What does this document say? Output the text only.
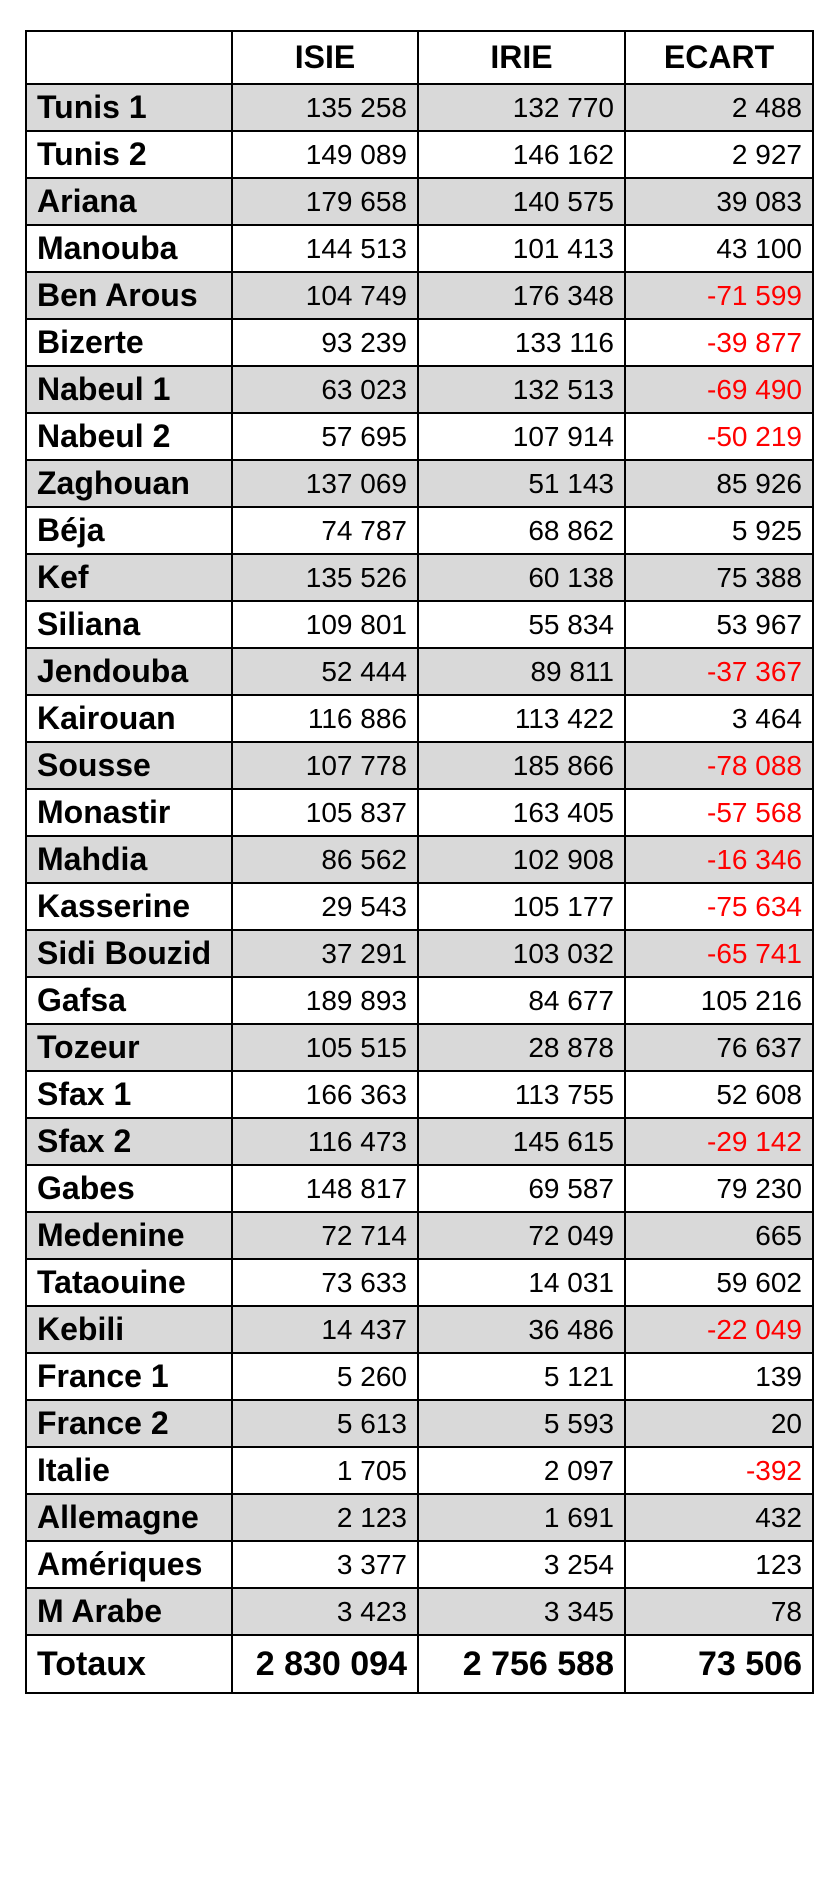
	ISIE	IRIE	ECART
Tunis 1	135 258	132 770	2 488
Tunis 2	149 089	146 162	2 927
Ariana	179 658	140 575	39 083
Manouba	144 513	101 413	43 100
Ben Arous	104 749	176 348	-71 599
Bizerte	93 239	133 116	-39 877
Nabeul 1	63 023	132 513	-69 490
Nabeul 2	57 695	107 914	-50 219
Zaghouan	137 069	51 143	85 926
Béja	74 787	68 862	5 925
Kef	135 526	60 138	75 388
Siliana	109 801	55 834	53 967
Jendouba	52 444	89 811	-37 367
Kairouan	116 886	113 422	3 464
Sousse	107 778	185 866	-78 088
Monastir	105 837	163 405	-57 568
Mahdia	86 562	102 908	-16 346
Kasserine	29 543	105 177	-75 634
Sidi Bouzid	37 291	103 032	-65 741
Gafsa	189 893	84 677	105 216
Tozeur	105 515	28 878	76 637
Sfax 1	166 363	113 755	52 608
Sfax 2	116 473	145 615	-29 142
Gabes	148 817	69 587	79 230
Medenine	72 714	72 049	665
Tataouine	73 633	14 031	59 602
Kebili	14 437	36 486	-22 049
France 1	5 260	5 121	139
France 2	5 613	5 593	20
Italie	1 705	2 097	-392
Allemagne	2 123	1 691	432
Amériques	3 377	3 254	123
M Arabe	3 423	3 345	78
Totaux	2 830 094	2 756 588	73 506
